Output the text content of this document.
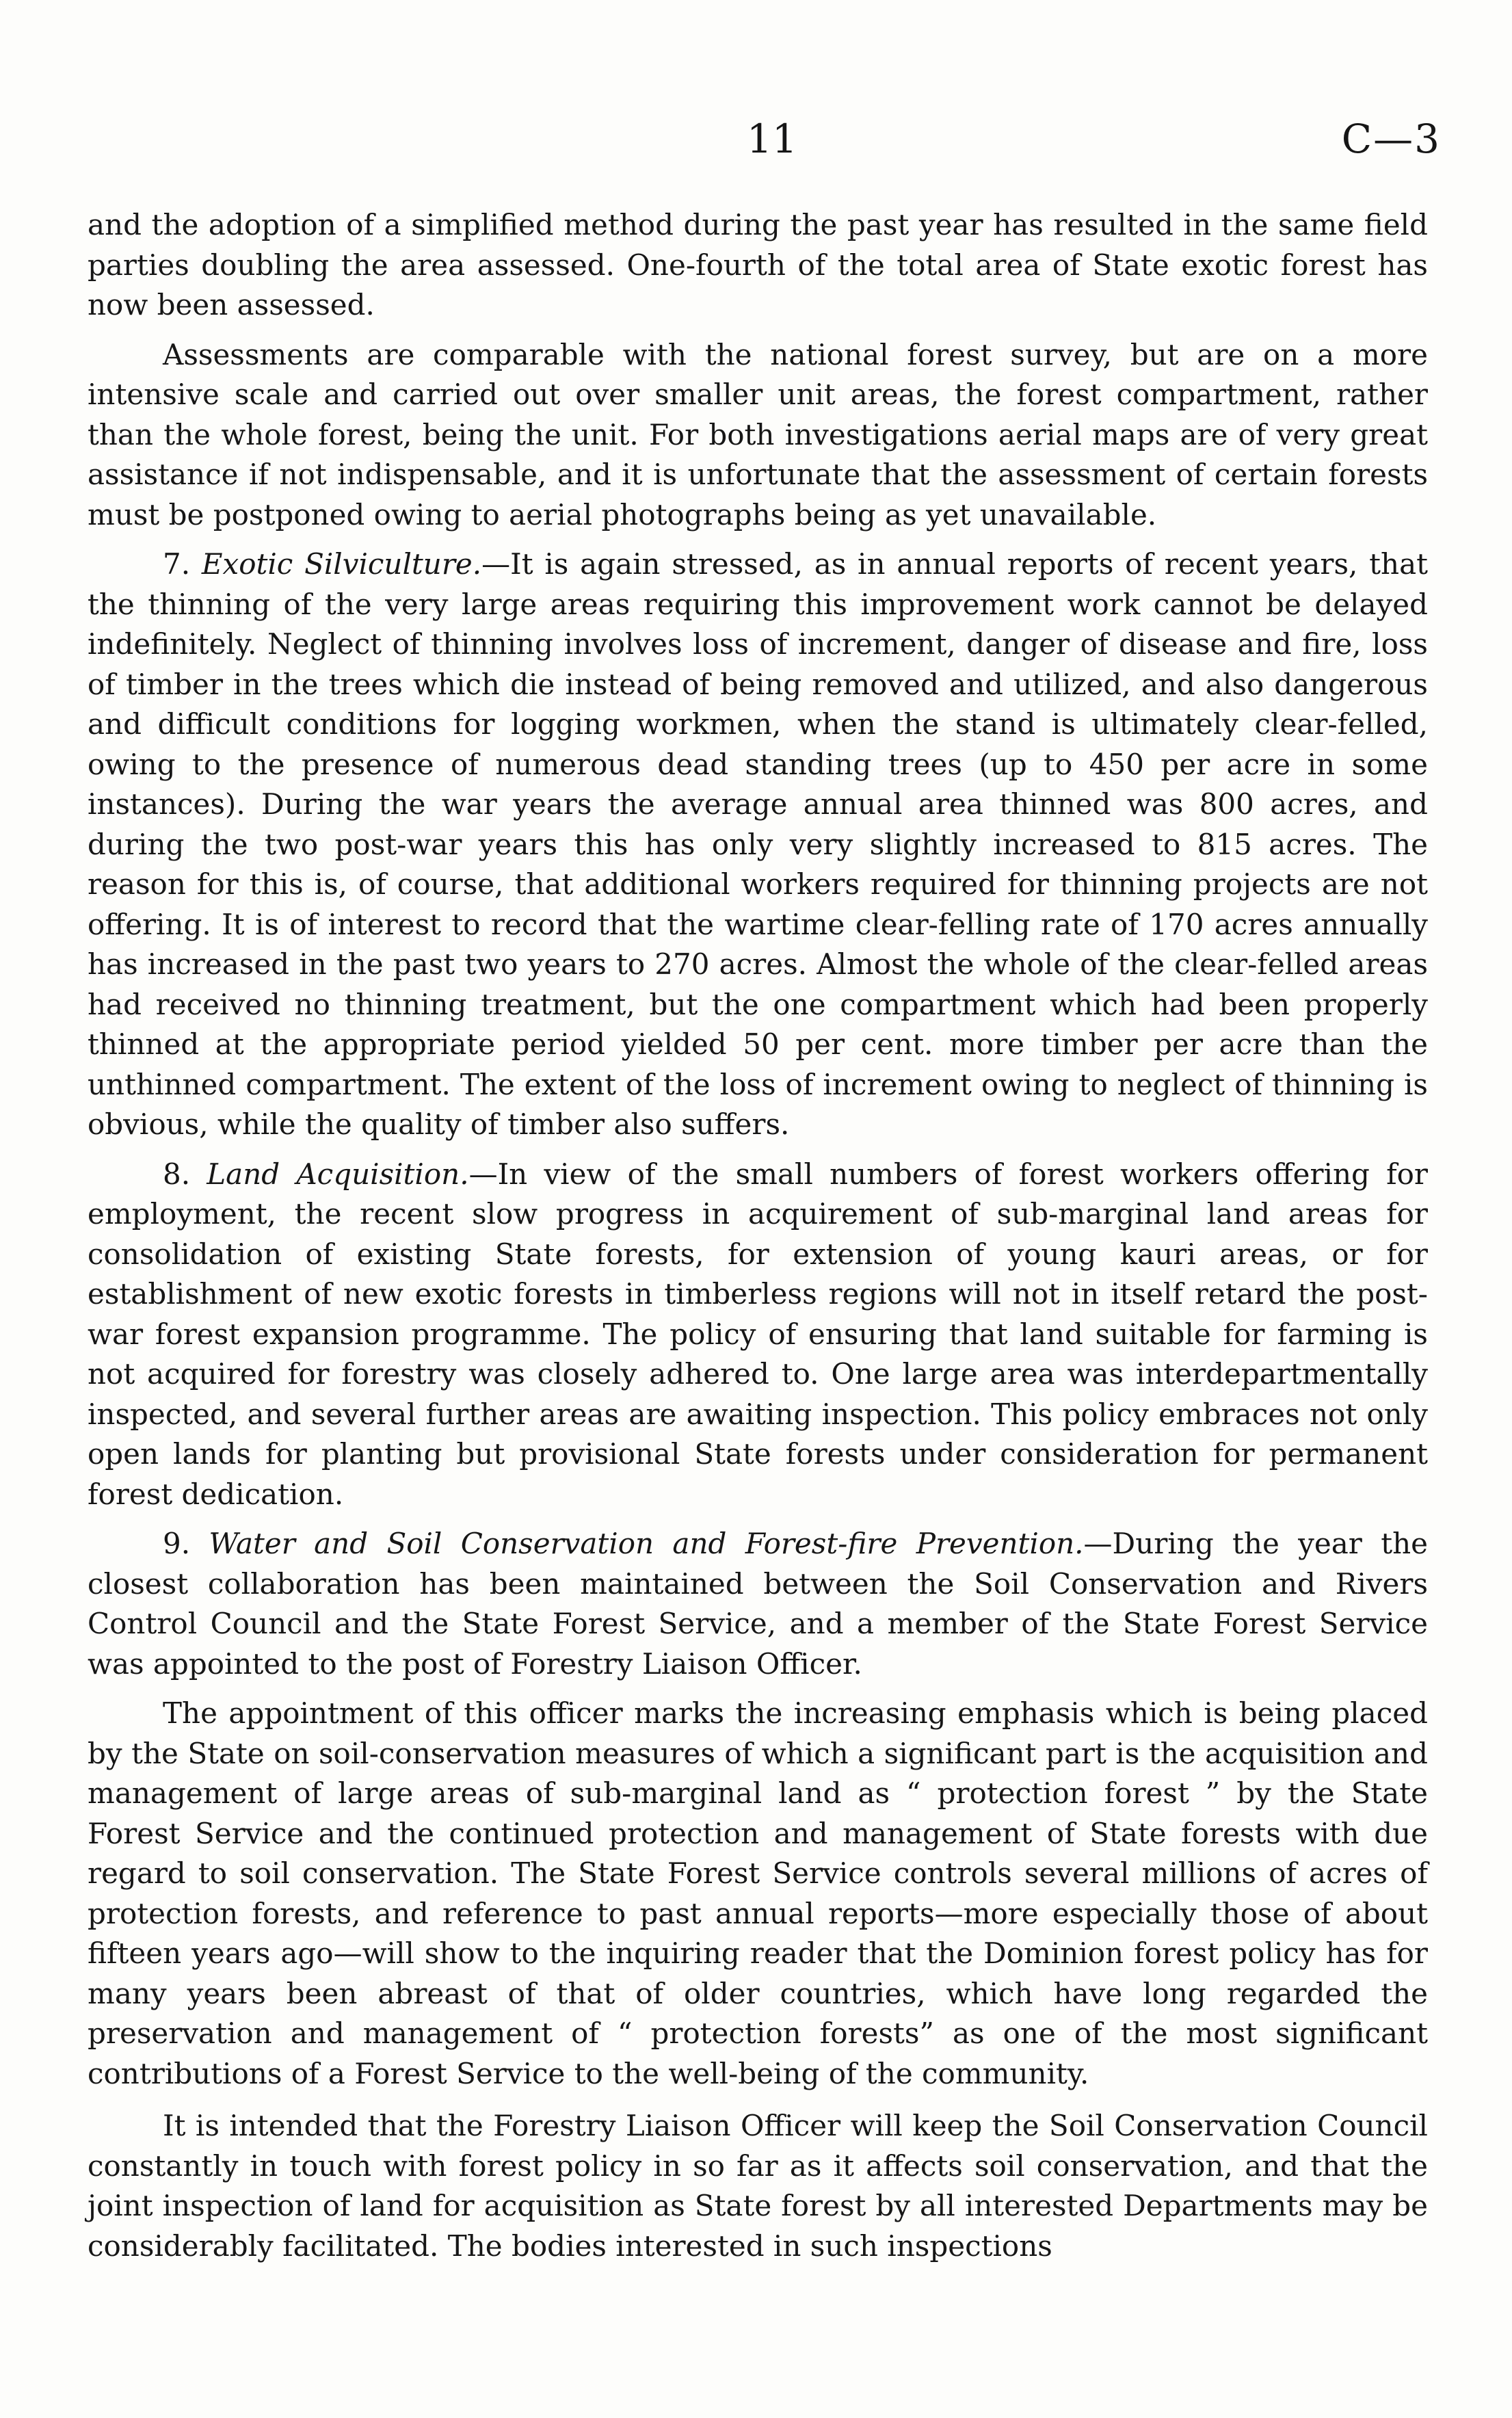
11	C—3

and the adoption of a simplified method during the past year has resulted in the same field parties doubling the area assessed. One-fourth of the total area of State exotic forest has now been assessed.

Assessments are comparable with the national forest survey, but are on a more intensive scale and carried out over smaller unit areas, the forest compartment, rather than the whole forest, being the unit. For both investigations aerial maps are of very great assistance if not indispensable, and it is unfortunate that the assessment of certain forests must be postponed owing to aerial photographs being as yet unavailable.

7. Exotic Silviculture.—It is again stressed, as in annual reports of recent years, that the thinning of the very large areas requiring this improvement work cannot be delayed indefinitely. Neglect of thinning involves loss of increment, danger of disease and fire, loss of timber in the trees which die instead of being removed and utilized, and also dangerous and difficult conditions for logging workmen, when the stand is ultimately clear-felled, owing to the presence of numerous dead standing trees (up to 450 per acre in some instances). During the war years the average annual area thinned was 800 acres, and during the two post-war years this has only very slightly increased to 815 acres. The reason for this is, of course, that additional workers required for thinning projects are not offering. It is of interest to record that the wartime clear-felling rate of 170 acres annually has increased in the past two years to 270 acres. Almost the whole of the clear-felled areas had received no thinning treatment, but the one compartment which had been properly thinned at the appropriate period yielded 50 per cent. more timber per acre than the unthinned compartment. The extent of the loss of increment owing to neglect of thinning is obvious, while the quality of timber also suffers.

8. Land Acquisition.—In view of the small numbers of forest workers offering for employment, the recent slow progress in acquirement of sub-marginal land areas for consolidation of existing State forests, for extension of young kauri areas, or for establishment of new exotic forests in timberless regions will not in itself retard the post-war forest expansion programme. The policy of ensuring that land suitable for farming is not acquired for forestry was closely adhered to. One large area was interdepartmentally inspected, and several further areas are awaiting inspection. This policy embraces not only open lands for planting but provisional State forests under consideration for permanent forest dedication.

9. Water and Soil Conservation and Forest-fire Prevention.—During the year the closest collaboration has been maintained between the Soil Conservation and Rivers Control Council and the State Forest Service, and a member of the State Forest Service was appointed to the post of Forestry Liaison Officer.

The appointment of this officer marks the increasing emphasis which is being placed by the State on soil-conservation measures of which a significant part is the acquisition and management of large areas of sub-marginal land as “ protection forest ” by the State Forest Service and the continued protection and management of State forests with due regard to soil conservation. The State Forest Service controls several millions of acres of protection forests, and reference to past annual reports—more especially those of about fifteen years ago—will show to the inquiring reader that the Dominion forest policy has for many years been abreast of that of older countries, which have long regarded the preservation and management of “ protection forests” as one of the most significant contributions of a Forest Service to the well-being of the community.

It is intended that the Forestry Liaison Officer will keep the Soil Conservation Council constantly in touch with forest policy in so far as it affects soil conservation, and that the joint inspection of land for acquisition as State forest by all interested Departments may be considerably facilitated. The bodies interested in such inspections
